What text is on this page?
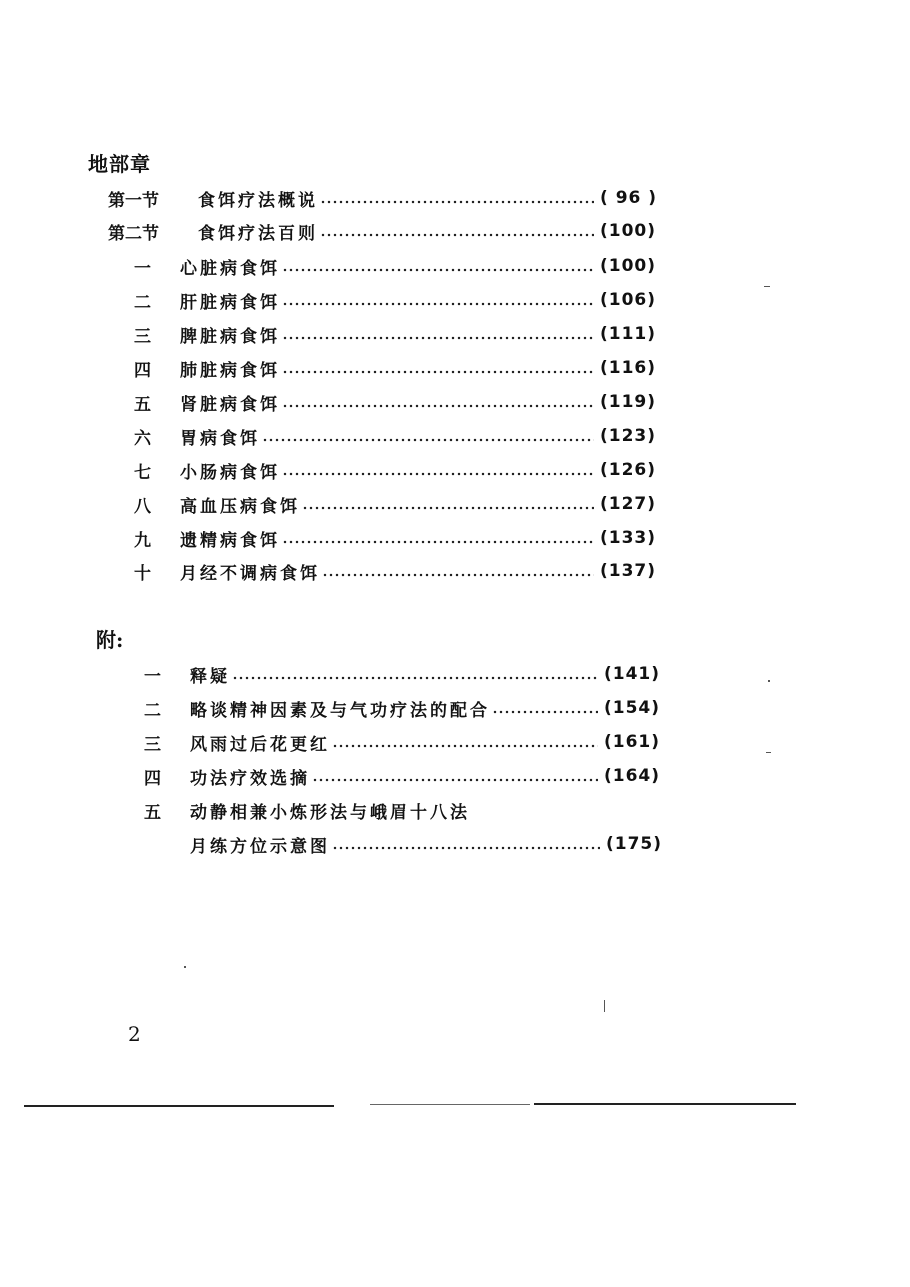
地部章
第一节	食饵疗法概说	( 96 )
第二节	食饵疗法百则	(100)
一	心脏病食饵	(100)
二	肝脏病食饵	(106)
三	脾脏病食饵	(111)
四	肺脏病食饵	(116)
五	肾脏病食饵	(119)
六	胃病食饵	(123)
七	小肠病食饵	(126)
八	高血压病食饵	(127)
九	遗精病食饵	(133)
十	月经不调病食饵	(137)
附:
一	释疑	(141)
二	略谈精神因素及与气功疗法的配合	(154)
三	风雨过后花更红	(161)
四	功法疗效选摘	(164)
五	动静相兼小炼形法与峨眉十八法
月练方位示意图	(175)
2
